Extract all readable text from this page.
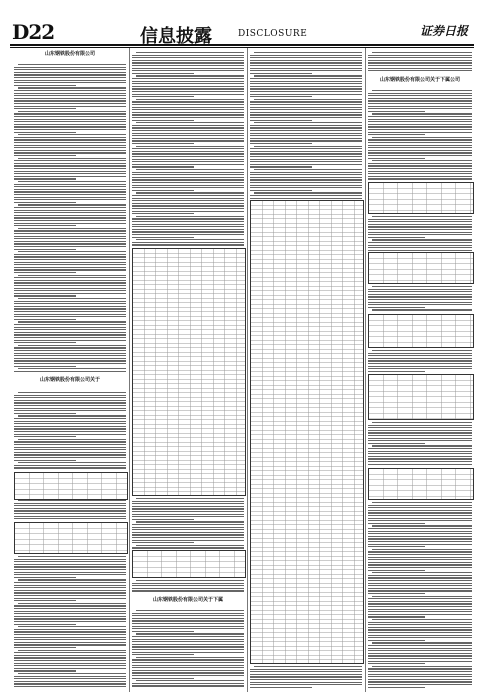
D22	信息披露	DISCLOSURE	证券日报
山东钢铁股份有限公司
山东钢铁股份有限公司关于
山东钢铁股份有限公司关于下属
山东钢铁股份有限公司关于下属公司
